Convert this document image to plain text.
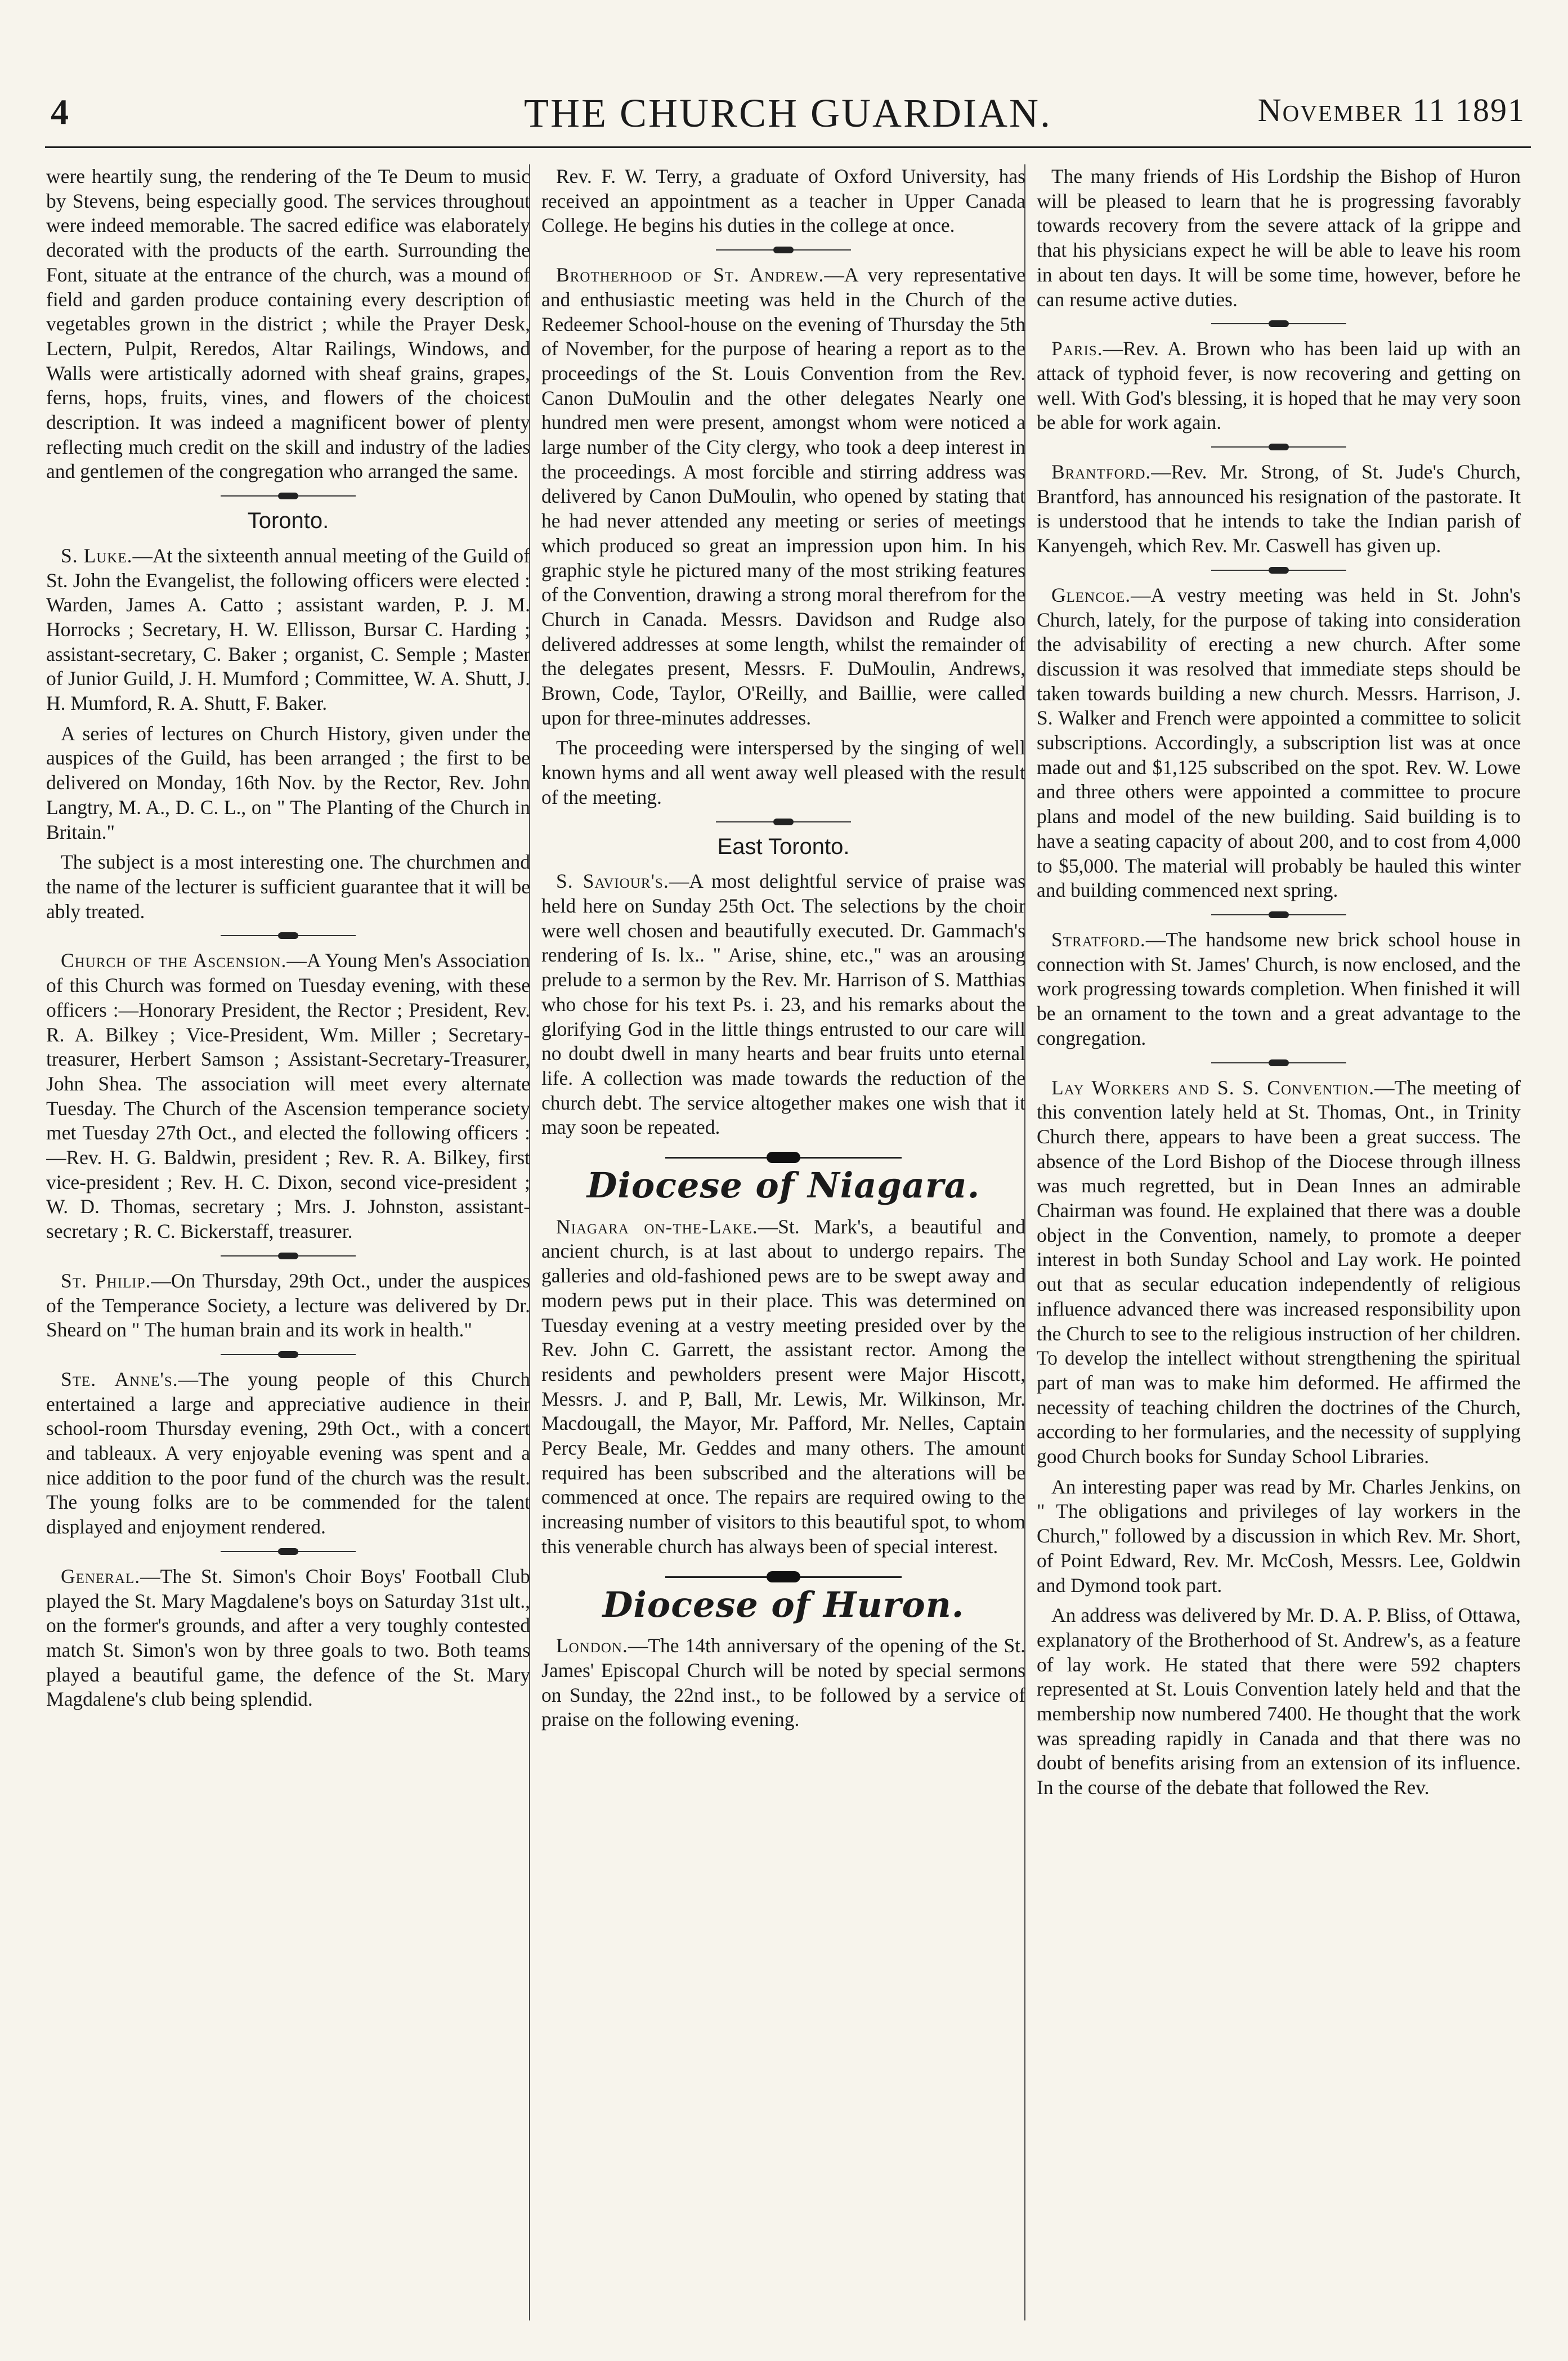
4	THE CHURCH GUARDIAN.	November 11 1891

were heartily sung, the rendering of the Te Deum to music by Stevens, being especially good. The services throughout were indeed memorable. The sacred edifice was elaborately decorated with the products of the earth. Surrounding the Font, situate at the entrance of the church, was a mound of field and garden produce containing every description of vegetables grown in the district ; while the Prayer Desk, Lectern, Pulpit, Reredos, Altar Railings, Windows, and Walls were artistically adorned with sheaf grains, grapes, ferns, hops, fruits, vines, and flowers of the choicest description. It was indeed a magnificent bower of plenty reflecting much credit on the skill and industry of the ladies and gentlemen of the congregation who arranged the same.

Toronto.

S. Luke.—At the sixteenth annual meeting of the Guild of St. John the Evangelist, the following officers were elected : Warden, James A. Catto ; assistant warden, P. J. M. Horrocks ; Secretary, H. W. Ellisson, Bursar C. Harding ; assistant-secretary, C. Baker ; organist, C. Semple ; Master of Junior Guild, J. H. Mumford ; Committee, W. A. Shutt, J. H. Mumford, R. A. Shutt, F. Baker.

A series of lectures on Church History, given under the auspices of the Guild, has been arranged ; the first to be delivered on Monday, 16th Nov. by the Rector, Rev. John Langtry, M. A., D. C. L., on " The Planting of the Church in Britain."

The subject is a most interesting one. The churchmen and the name of the lecturer is sufficient guarantee that it will be ably treated.

Church of the Ascension.—A Young Men's Association of this Church was formed on Tuesday evening, with these officers :—Honorary President, the Rector ; President, Rev. R. A. Bilkey ; Vice-President, Wm. Miller ; Secretary-treasurer, Herbert Samson ; Assistant-Secretary-Treasurer, John Shea. The association will meet every alternate Tuesday. The Church of the Ascension temperance society met Tuesday 27th Oct., and elected the following officers :—Rev. H. G. Baldwin, president ; Rev. R. A. Bilkey, first vice-president ; Rev. H. C. Dixon, second vice-president ; W. D. Thomas, secretary ; Mrs. J. Johnston, assistant-secretary ; R. C. Bickerstaff, treasurer.

St. Philip.—On Thursday, 29th Oct., under the auspices of the Temperance Society, a lecture was delivered by Dr. Sheard on " The human brain and its work in health."

Ste. Anne's.—The young people of this Church entertained a large and appreciative audience in their school-room Thursday evening, 29th Oct., with a concert and tableaux. A very enjoyable evening was spent and a nice addition to the poor fund of the church was the result. The young folks are to be commended for the talent displayed and enjoyment rendered.

General.—The St. Simon's Choir Boys' Football Club played the St. Mary Magdalene's boys on Saturday 31st ult., on the former's grounds, and after a very toughly contested match St. Simon's won by three goals to two. Both teams played a beautiful game, the defence of the St. Mary Magdalene's club being splendid.

Rev. F. W. Terry, a graduate of Oxford University, has received an appointment as a teacher in Upper Canada College. He begins his duties in the college at once.

Brotherhood of St. Andrew.—A very representative and enthusiastic meeting was held in the Church of the Redeemer School-house on the evening of Thursday the 5th of November, for the purpose of hearing a report as to the proceedings of the St. Louis Convention from the Rev. Canon DuMoulin and the other delegates Nearly one hundred men were present, amongst whom were noticed a large number of the City clergy, who took a deep interest in the proceedings. A most forcible and stirring address was delivered by Canon DuMoulin, who opened by stating that he had never attended any meeting or series of meetings which produced so great an impression upon him. In his graphic style he pictured many of the most striking features of the Convention, drawing a strong moral therefrom for the Church in Canada. Messrs. Davidson and Rudge also delivered addresses at some length, whilst the remainder of the delegates present, Messrs. F. DuMoulin, Andrews, Brown, Code, Taylor, O'Reilly, and Baillie, were called upon for three-minutes addresses.

The proceeding were interspersed by the singing of well known hyms and all went away well pleased with the result of the meeting.

East Toronto.

S. Saviour's.—A most delightful service of praise was held here on Sunday 25th Oct. The selections by the choir were well chosen and beautifully executed. Dr. Gammach's rendering of Is. lx.. " Arise, shine, etc.," was an arousing prelude to a sermon by the Rev. Mr. Harrison of S. Matthias who chose for his text Ps. i. 23, and his remarks about the glorifying God in the little things entrusted to our care will no doubt dwell in many hearts and bear fruits unto eternal life. A collection was made towards the reduction of the church debt. The service altogether makes one wish that it may soon be repeated.

Diocese of Niagara.

Niagara on-the-Lake.—St. Mark's, a beautiful and ancient church, is at last about to undergo repairs. The galleries and old-fashioned pews are to be swept away and modern pews put in their place. This was determined on Tuesday evening at a vestry meeting presided over by the Rev. John C. Garrett, the assistant rector. Among the residents and pewholders present were Major Hiscott, Messrs. J. and P, Ball, Mr. Lewis, Mr. Wilkinson, Mr. Macdougall, the Mayor, Mr. Pafford, Mr. Nelles, Captain Percy Beale, Mr. Geddes and many others. The amount required has been subscribed and the alterations will be commenced at once. The repairs are required owing to the increasing number of visitors to this beautiful spot, to whom this venerable church has always been of special interest.

Diocese of Huron.

London.—The 14th anniversary of the opening of the St. James' Episcopal Church will be noted by special sermons on Sunday, the 22nd inst., to be followed by a service of praise on the following evening.

The many friends of His Lordship the Bishop of Huron will be pleased to learn that he is progressing favorably towards recovery from the severe attack of la grippe and that his physicians expect he will be able to leave his room in about ten days. It will be some time, however, before he can resume active duties.

Paris.—Rev. A. Brown who has been laid up with an attack of typhoid fever, is now recovering and getting on well. With God's blessing, it is hoped that he may very soon be able for work again.

Brantford.—Rev. Mr. Strong, of St. Jude's Church, Brantford, has announced his resignation of the pastorate. It is understood that he intends to take the Indian parish of Kanyengeh, which Rev. Mr. Caswell has given up.

Glencoe.—A vestry meeting was held in St. John's Church, lately, for the purpose of taking into consideration the advisability of erecting a new church. After some discussion it was resolved that immediate steps should be taken towards building a new church. Messrs. Harrison, J. S. Walker and French were appointed a committee to solicit subscriptions. Accordingly, a subscription list was at once made out and $1,125 subscribed on the spot. Rev. W. Lowe and three others were appointed a committee to procure plans and model of the new building. Said building is to have a seating capacity of about 200, and to cost from 4,000 to $5,000. The material will probably be hauled this winter and building commenced next spring.

Stratford.—The handsome new brick school house in connection with St. James' Church, is now enclosed, and the work progressing towards completion. When finished it will be an ornament to the town and a great advantage to the congregation.

Lay Workers and S. S. Convention.—The meeting of this convention lately held at St. Thomas, Ont., in Trinity Church there, appears to have been a great success. The absence of the Lord Bishop of the Diocese through illness was much regretted, but in Dean Innes an admirable Chairman was found. He explained that there was a double object in the Convention, namely, to promote a deeper interest in both Sunday School and Lay work. He pointed out that as secular education independently of religious influence advanced there was increased responsibility upon the Church to see to the religious instruction of her children. To develop the intellect without strengthening the spiritual part of man was to make him deformed. He affirmed the necessity of teaching children the doctrines of the Church, according to her formularies, and the necessity of supplying good Church books for Sunday School Libraries.

An interesting paper was read by Mr. Charles Jenkins, on " The obligations and privileges of lay workers in the Church," followed by a discussion in which Rev. Mr. Short, of Point Edward, Rev. Mr. McCosh, Messrs. Lee, Goldwin and Dymond took part.

An address was delivered by Mr. D. A. P. Bliss, of Ottawa, explanatory of the Brotherhood of St. Andrew's, as a feature of lay work. He stated that there were 592 chapters represented at St. Louis Convention lately held and that the membership now numbered 7400. He thought that the work was spreading rapidly in Canada and that there was no doubt of benefits arising from an extension of its influence. In the course of the debate that followed the Rev.
